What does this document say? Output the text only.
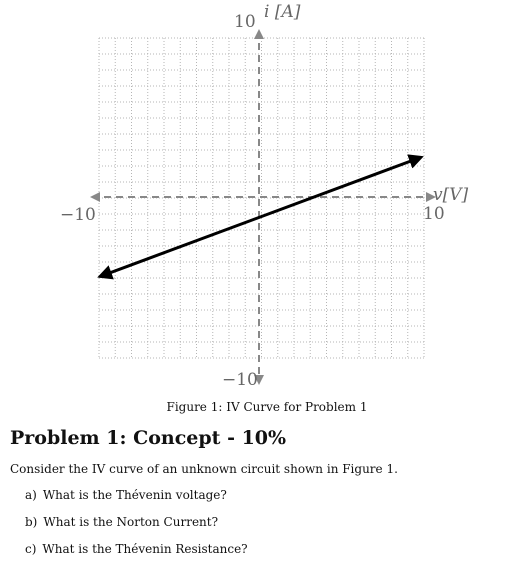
−10	10
v[V]
10 i [A]
−10
Figure 1: IV Curve for Problem 1
Problem 1: Concept - 10%

Consider the IV curve of an unknown circuit shown in Figure 1.

a) What is the Thévenin voltage?
b) What is the Norton Current?
c) What is the Thévenin Resistance?
